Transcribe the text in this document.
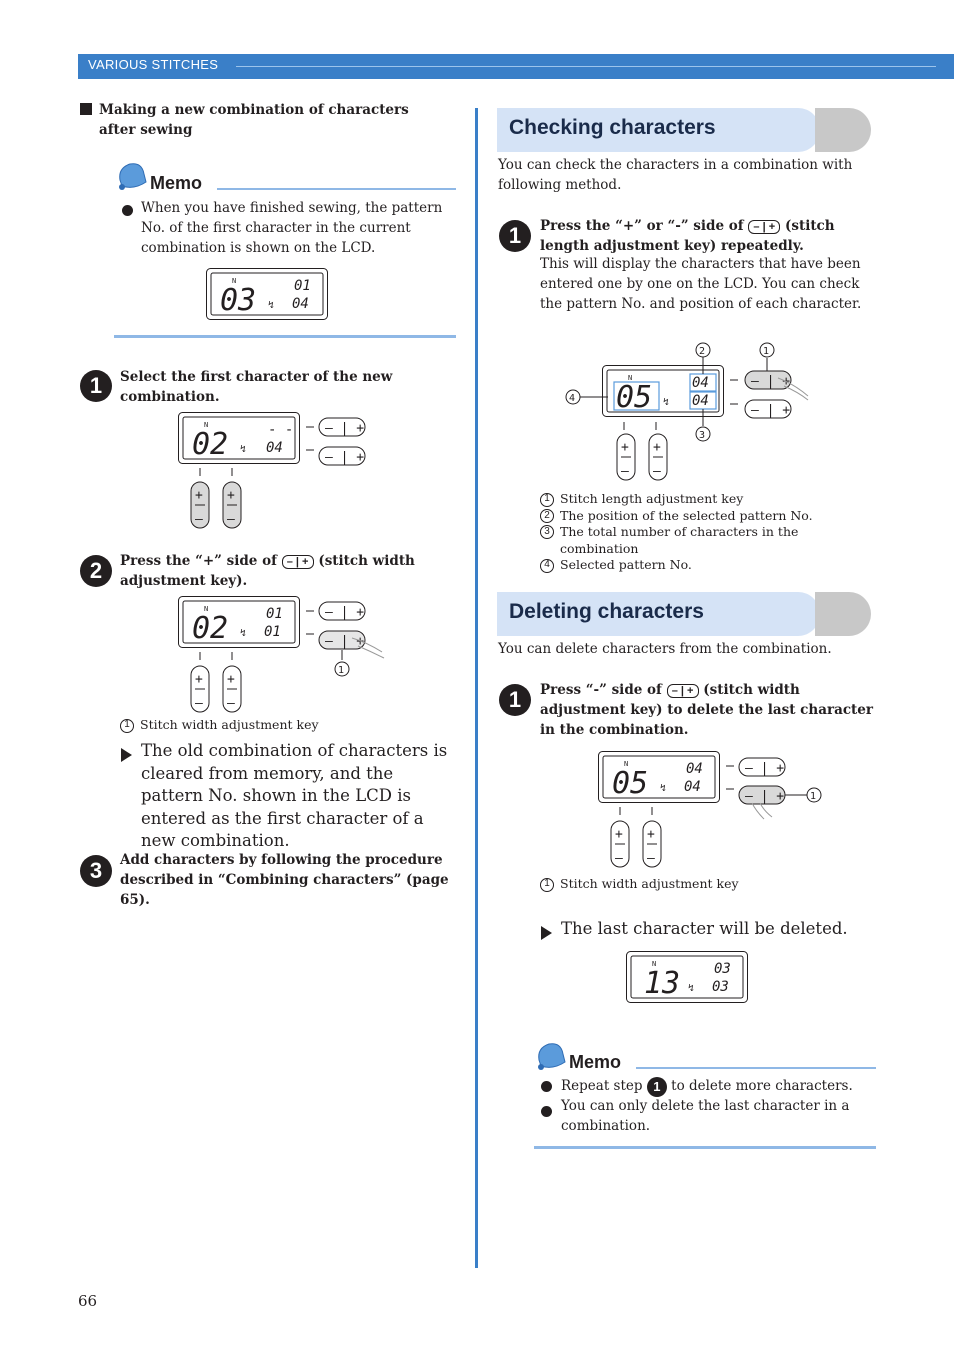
VARIOUS STITCHES
Making a new combination of characters after sewing
Memo
When you have finished sewing, the pattern No. of the first character in the current combination is shown on the LCD.
N
03 ↯
01
04
1	Select the first character of the new combination.
N
02 ↯
- -
04
– | +
– | +
+ +
– –
2	Press the “+” side of – | + (stitch width adjustment key).
N
02 ↯
01
01
– | +
– | +
1
+ +
– –
1 Stitch width adjustment key
The old combination of characters is cleared from memory, and the pattern No. shown in the LCD is entered as the first character of a new combination.
3	Add characters by following the procedure described in “Combining characters” (page 65).
Checking characters
You can check the characters in a combination with following method.
1	Press the “+” or “-” side of – | + (stitch length adjustment key) repeatedly.
This will display the characters that have been entered one by one on the LCD. You can check the pattern No. and position of each character.
N
05 ↯
04
04
4
2
3
– | +
1
– | +
+ +
– –
1 Stitch length adjustment key
2 The position of the selected pattern No.
3 The total number of characters in the combination
4 Selected pattern No.
Deleting characters
You can delete characters from the combination.
1	Press “-” side of – | + (stitch width adjustment key) to delete the last character in the combination.
N
05 ↯
04
04
– | +
– | +	1
+ +
– –
1 Stitch width adjustment key
The last character will be deleted.
N
13 ↯
03
03
Memo
Repeat step 1 to delete more characters.
You can only delete the last character in a combination.
66
